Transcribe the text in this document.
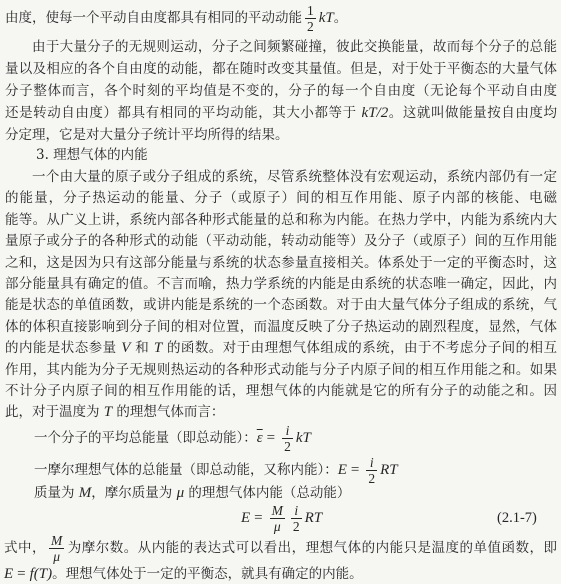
由度，使每一个平动自由度都具有相同的平动动能 $\frac{1}{2}$ kT。
由于大量分子的无规则运动，分子之间频繁碰撞，彼此交换能量，故而每个分子的总能
量以及相应的各个自由度的动能，都在随时改变其量值。但是，对于处于平衡态的大量气体
分子整体而言，各个时刻的平均值是不变的，分子的每一个自由度（无论每个平动自由度
还是转动自由度）都具有相同的平均动能，其大小都等于 kT/2。这就叫做能量按自由度均
分定理，它是对大量分子统计平均所得的结果。
3. 理想气体的内能
一个由大量的原子或分子组成的系统，尽管系统整体没有宏观运动，系统内部仍有一定
的能量，分子热运动的能量、分子（或原子）间的相互作用能、原子内部的核能、电磁
能等。从广义上讲，系统内部各种形式能量的总和称为内能。在热力学中，内能为系统内大
量原子或分子的各种形式的动能（平动动能，转动动能等）及分子（或原子）间的互作用能
之和，这是因为只有这部分能量与系统的状态参量直接相关。体系处于一定的平衡态时，这
部分能量具有确定的值。不言而喻，热力学系统的内能是由系统的状态唯一确定，因此，内
能是状态的单值函数，或讲内能是系统的一个态函数。对于由大量气体分子组成的系统，气
体的体积直接影响到分子间的相对位置，而温度反映了分子热运动的剧烈程度，显然，气体
的内能是状态参量 V 和 T 的函数。对于由理想气体组成的系统，由于不考虑分子间的相互
作用，其内能为分子无规则热运动的各种形式动能与分子内原子间的相互作用能之和。如果
不计分子内原子间的相互作用能的话，理想气体的内能就是它的所有分子的动能之和。因
此，对于温度为 T 的理想气体而言：
一个分子的平均总能量（即总动能）：$\overline{\varepsilon} = \frac{i}{2}$ kT
一摩尔理想气体的总能量（即总动能，又称内能）：$E = \frac{i}{2}$ RT
质量为 M，摩尔质量为 μ 的理想气体内能（总动能）
$E = \frac{M}{\mu} \frac{i}{2}$ RT	(2.1-7)
式中， $\frac{M}{\mu}$ 为摩尔数。从内能的表达式可以看出，理想气体的内能只是温度的单值函数，即
E = f(T)。理想气体处于一定的平衡态，就具有确定的内能。
